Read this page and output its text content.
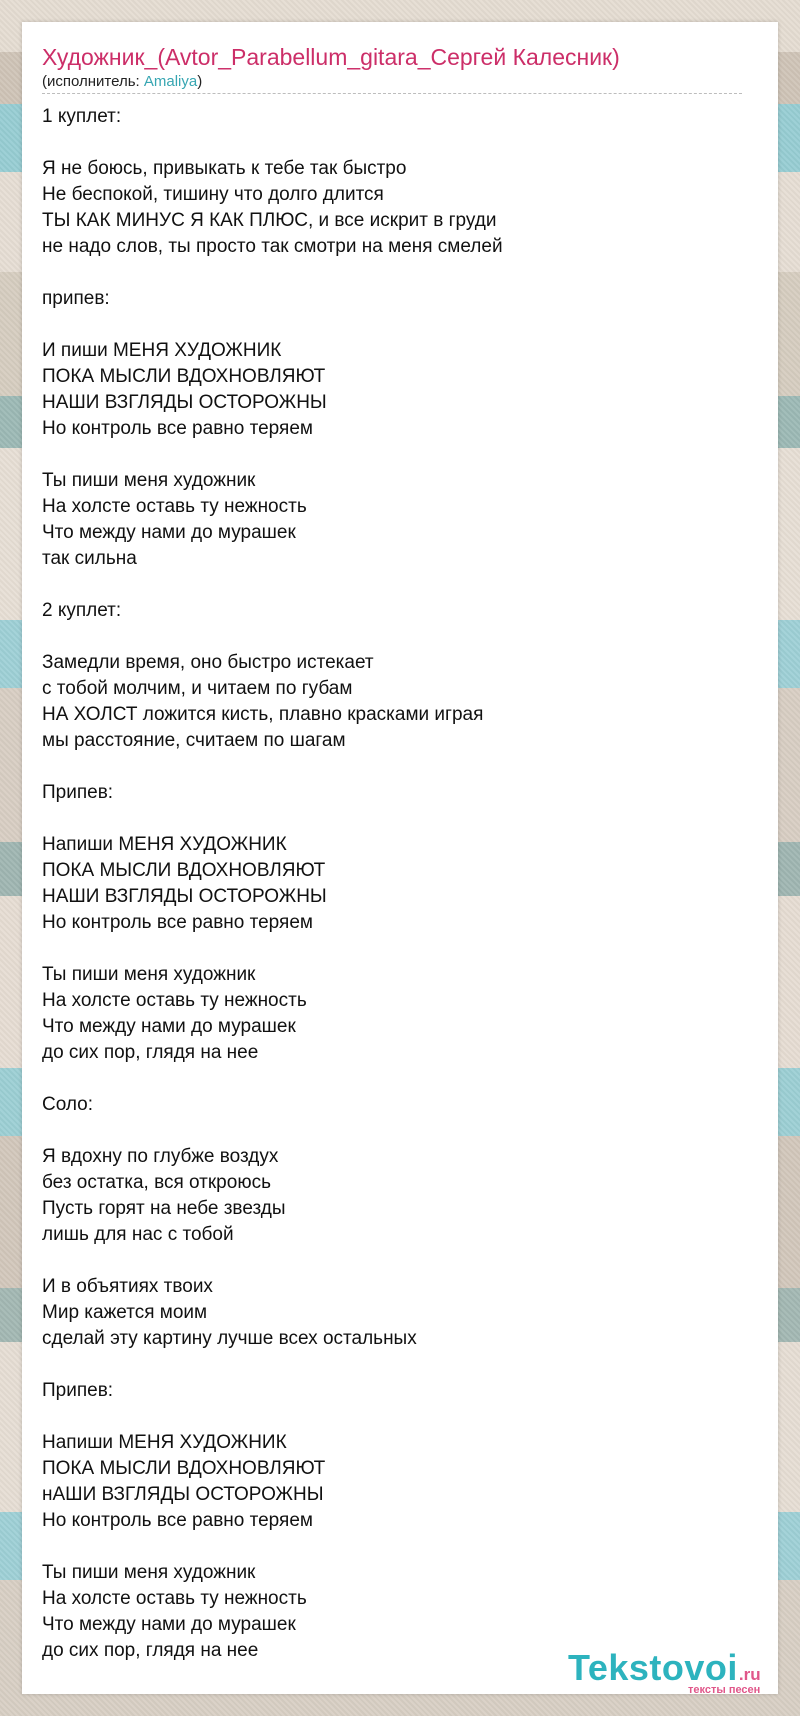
Художник_(Avtor_Parabellum_gitara_Сергей Калесник)
(исполнитель: Amaliya)
1 куплет:

Я не боюсь, привыкать к тебе так быстро
Не беспокой, тишину что долго длится
ТЫ КАК МИНУС Я КАК ПЛЮС, и все искрит в груди
не надо слов, ты просто так смотри на меня смелей

припев:

И пиши МЕНЯ ХУДОЖНИК
ПОКА МЫСЛИ ВДОХНОВЛЯЮТ
НАШИ ВЗГЛЯДЫ ОСТОРОЖНЫ
Но контроль все равно теряем

Ты пиши меня художник
На холсте оставь ту нежность
Что между нами до мурашек
так сильна

2 куплет:

Замедли время, оно быстро истекает
с тобой молчим, и читаем по губам
НА ХОЛСТ ложится кисть, плавно красками играя
мы расстояние, считаем по шагам

Припев:

Напиши МЕНЯ ХУДОЖНИК
ПОКА МЫСЛИ ВДОХНОВЛЯЮТ
НАШИ ВЗГЛЯДЫ ОСТОРОЖНЫ
Но контроль все равно теряем

Ты пиши меня художник
На холсте оставь ту нежность
Что между нами до мурашек
до сих пор, глядя на нее

Соло:

Я вдохну по глубже воздух
без остатка, вся откроюсь
Пусть горят на небе звезды
лишь для нас с тобой

И в объятиях твоих
Мир кажется моим
сделай эту картину лучше всех остальных

Припев:

Напиши МЕНЯ ХУДОЖНИК
ПОКА МЫСЛИ ВДОХНОВЛЯЮТ
нАШИ ВЗГЛЯДЫ ОСТОРОЖНЫ
Но контроль все равно теряем

Ты пиши меня художник
На холсте оставь ту нежность
Что между нами до мурашек
до сих пор, глядя на нее	Tekstovoi.ru
тексты песен
